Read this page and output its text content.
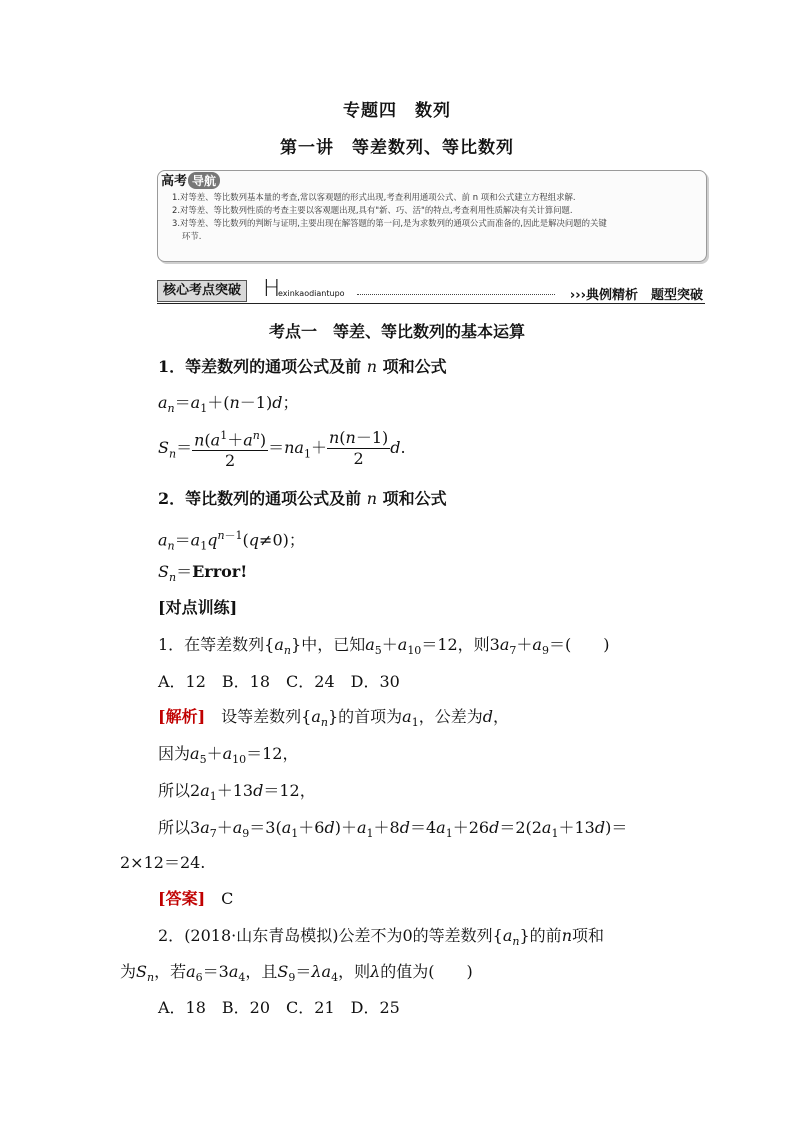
专题四　数列
第一讲　等差数列、等比数列
高考 导航
1.对等差、等比数列基本量的考查,常以客观题的形式出现,考查利用通项公式、前 n 项和公式建立方程组求解.
2.对等差、等比数列性质的考查主要以客观题出现,具有"新、巧、活"的特点,考查利用性质解决有关计算问题.
3.对等差、等比数列的判断与证明,主要出现在解答题的第一问,是为求数列的通项公式而准备的,因此是解决问题的关键
环节.
核心考点突破 H
exinkaodiantupo	›››典例精析　题型突破
考点一　等差、等比数列的基本运算
1．等差数列的通项公式及前 n 项和公式
$a_n=a_1+(n-1)d$；
$S_n= \frac{n(a^1+a^n)}{2} =na_1+ \frac{n(n-1)}{2} d$.
2．等比数列的通项公式及前 n 项和公式
$a_n=a_1q^{n-1}(q\ne 0)$；
$S_n=Error$!
[对点训练]
1．在等差数列$\{a_n\}$中，已知$a_5+a_{10}=12$，则$3a_7+a_9=$(　　)
A．12　B．18　C．24　D．30
[解析]　设等差数列$\{a_n\}$的首项为$a_1$，公差为d，
因为$a_5+a_{10}=12$，
所以$2a_1+13d=12$，
所以$3a_7+a_9=3(a_1+6d)+a_1+8d=4a_1+26d=2(2a_1+13d)=$
2×12＝24.
[答案]　 C
2．(2018·山东青岛模拟)公差不为0的等差数列$\{a_n\}$的前n项和
为$S_n$，若$a_6=3a_4$，且$S_9=\lambda a_4$，则λ的值为(　　)
A．18　B．20　C．21　D．25
